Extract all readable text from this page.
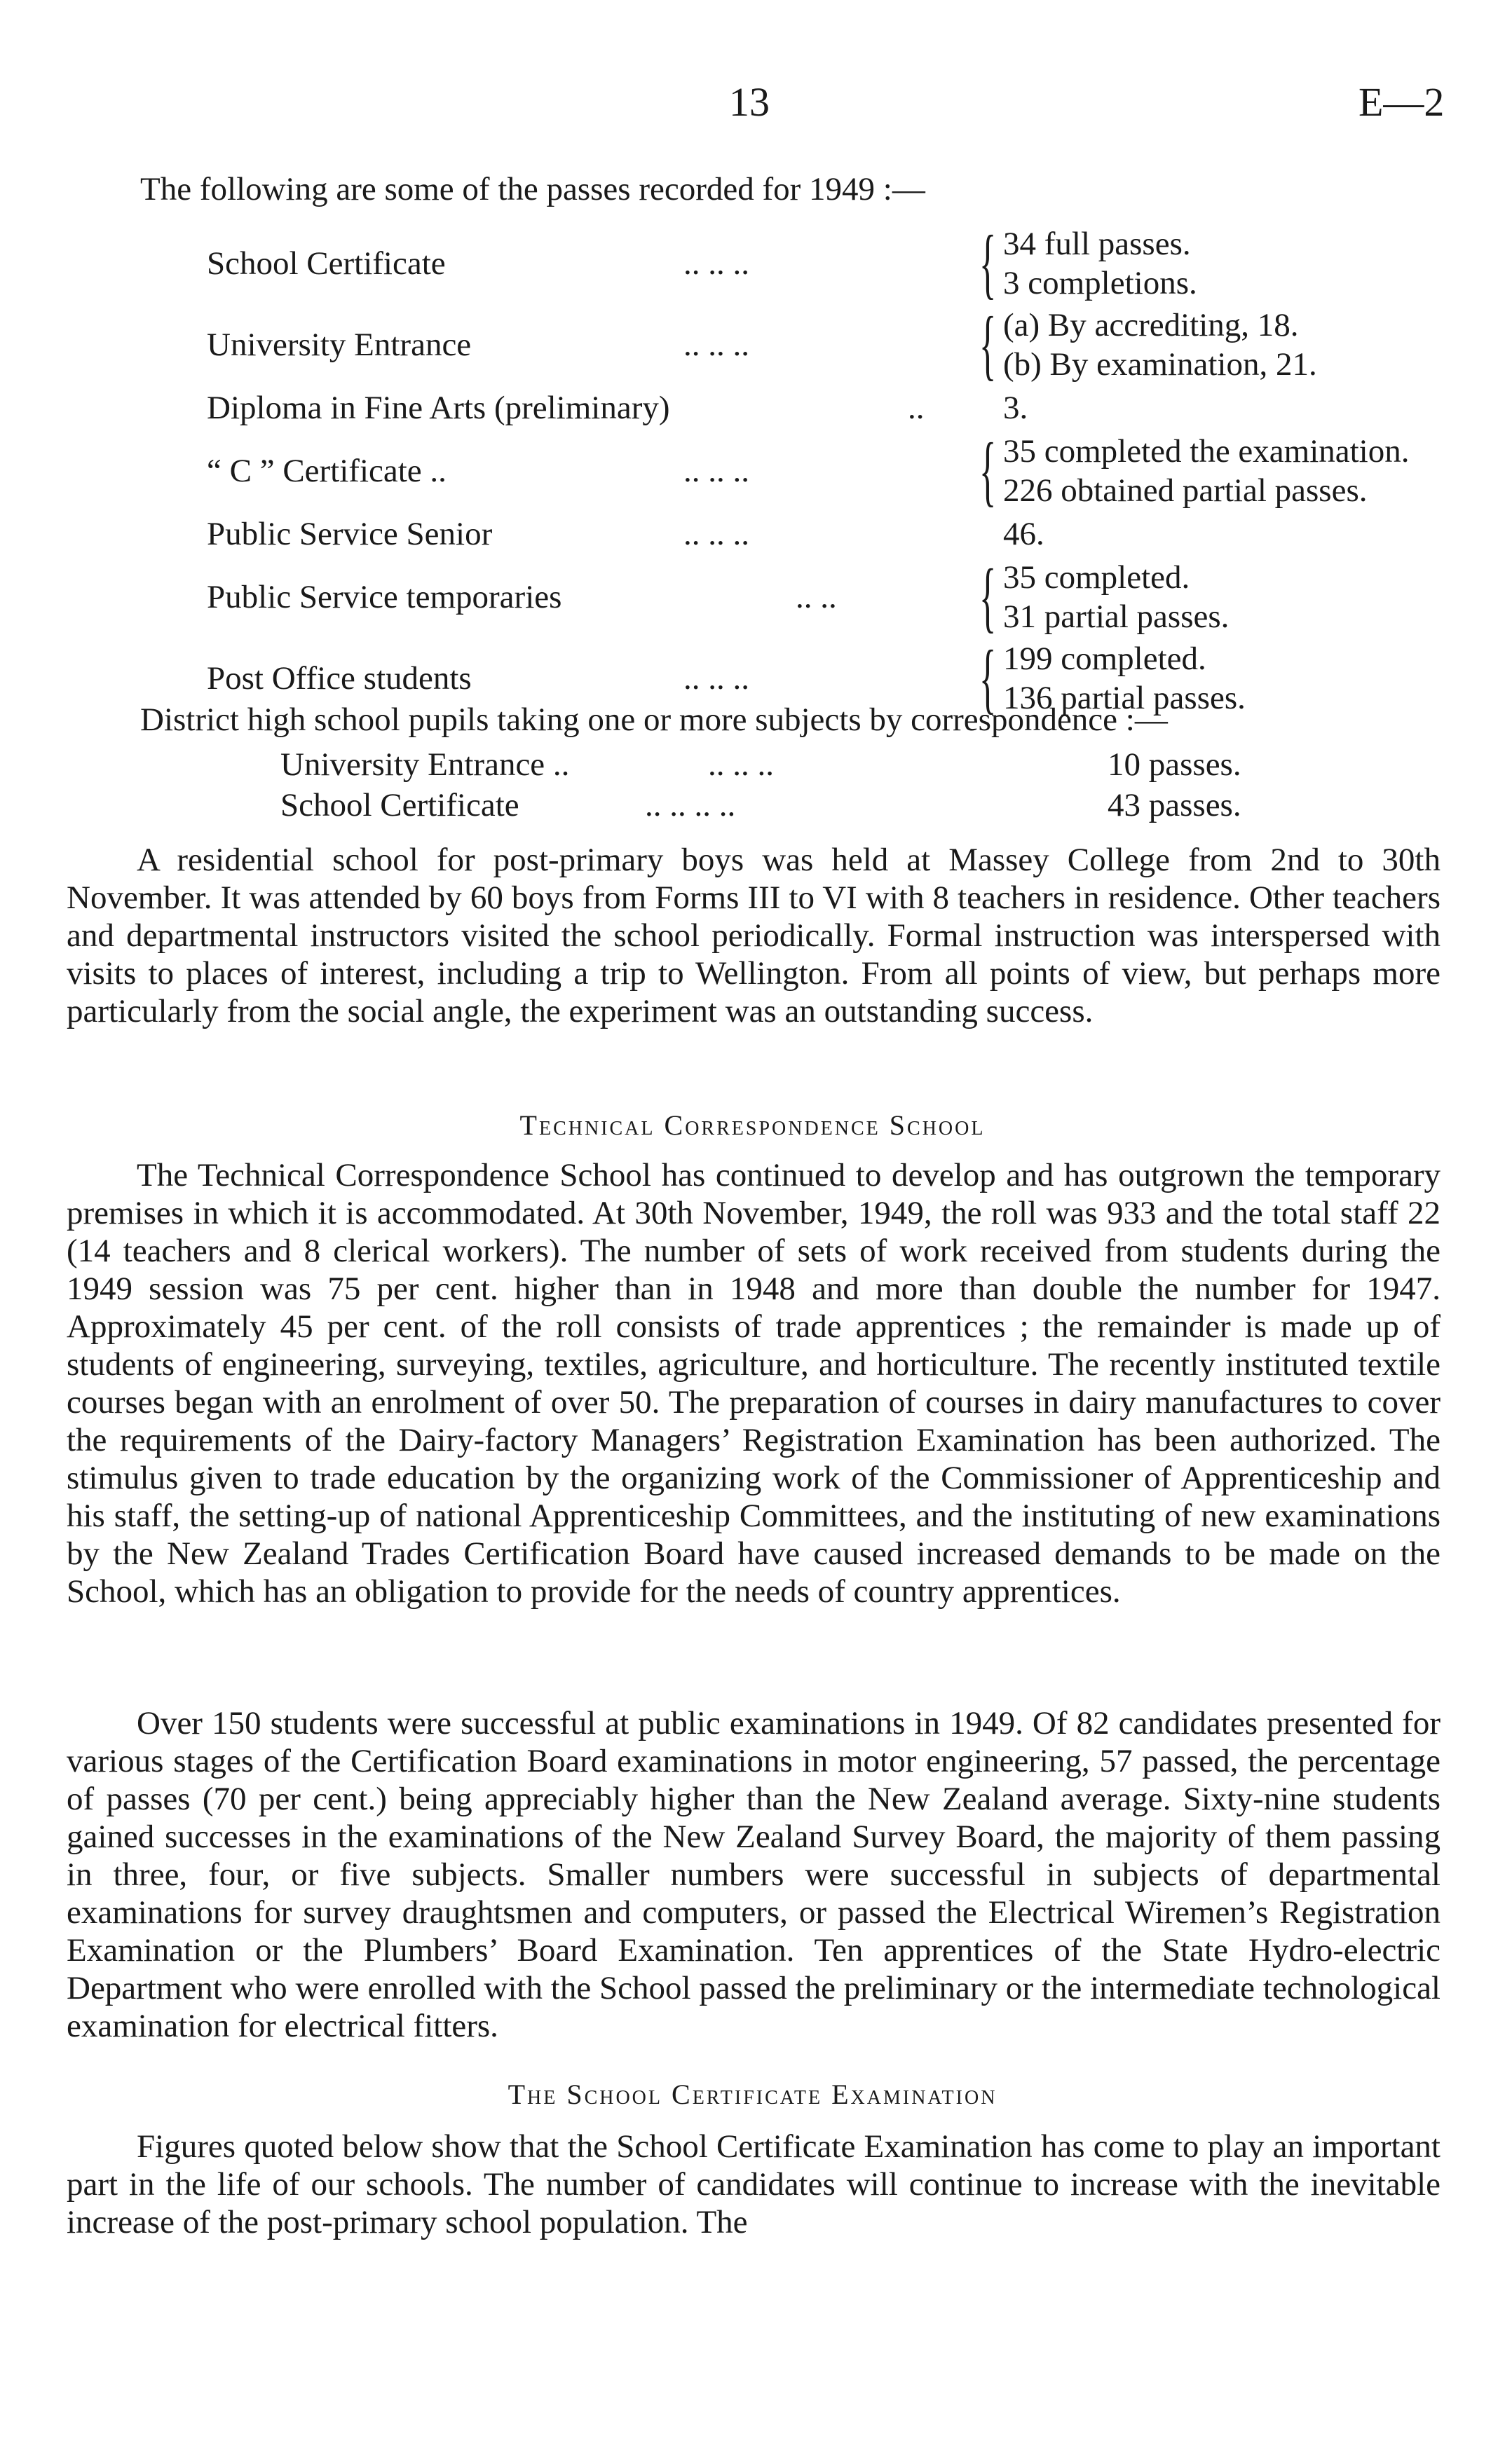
13	E—2
The following are some of the passes recorded for 1949 :—
School Certificate	.. .. ..	{ 34 full passes.
3 completions.
University Entrance	.. .. ..	{ (a) By accrediting, 18.
(b) By examination, 21.
Diploma in Fine Arts (preliminary)	..	3.
“ C ” Certificate ..	.. .. ..	{ 35 completed the examination.
226 obtained partial passes.
Public Service Senior	.. .. ..	46.
Public Service temporaries	.. ..	{ 35 completed.
31 partial passes.
Post Office students	.. .. ..	{ 199 completed.
136 partial passes.
District high school pupils taking one or more subjects by correspondence :—
University Entrance ..	.. .. ..	10 passes.
School Certificate	.. .. .. ..	43 passes.

A residential school for post-primary boys was held at Massey College from 2nd to 30th November. It was attended by 60 boys from Forms III to VI with 8 teachers in residence. Other teachers and departmental instructors visited the school periodically. Formal instruction was interspersed with visits to places of interest, including a trip to Wellington. From all points of view, but perhaps more particularly from the social angle, the experiment was an outstanding success.

Technical Correspondence School

The Technical Correspondence School has continued to develop and has outgrown the temporary premises in which it is accommodated. At 30th November, 1949, the roll was 933 and the total staff 22 (14 teachers and 8 clerical workers). The number of sets of work received from students during the 1949 session was 75 per cent. higher than in 1948 and more than double the number for 1947. Approximately 45 per cent. of the roll consists of trade apprentices ; the remainder is made up of students of engineering, surveying, textiles, agriculture, and horticulture. The recently instituted textile courses began with an enrolment of over 50. The preparation of courses in dairy manufactures to cover the requirements of the Dairy-factory Managers’ Registration Examination has been authorized. The stimulus given to trade education by the organizing work of the Commissioner of Apprenticeship and his staff, the setting-up of national Apprenticeship Committees, and the instituting of new examinations by the New Zealand Trades Certification Board have caused increased demands to be made on the School, which has an obligation to provide for the needs of country apprentices.

Over 150 students were successful at public examinations in 1949. Of 82 candidates presented for various stages of the Certification Board examinations in motor engineering, 57 passed, the percentage of passes (70 per cent.) being appreciably higher than the New Zealand average. Sixty-nine students gained successes in the examinations of the New Zealand Survey Board, the majority of them passing in three, four, or five subjects. Smaller numbers were successful in subjects of departmental examinations for survey draughtsmen and computers, or passed the Electrical Wiremen’s Registration Examination or the Plumbers’ Board Examination. Ten apprentices of the State Hydro-electric Department who were enrolled with the School passed the preliminary or the intermediate technological examination for electrical fitters.

The School Certificate Examination

Figures quoted below show that the School Certificate Examination has come to play an important part in the life of our schools. The number of candidates will continue to increase with the inevitable increase of the post-primary school population. The
